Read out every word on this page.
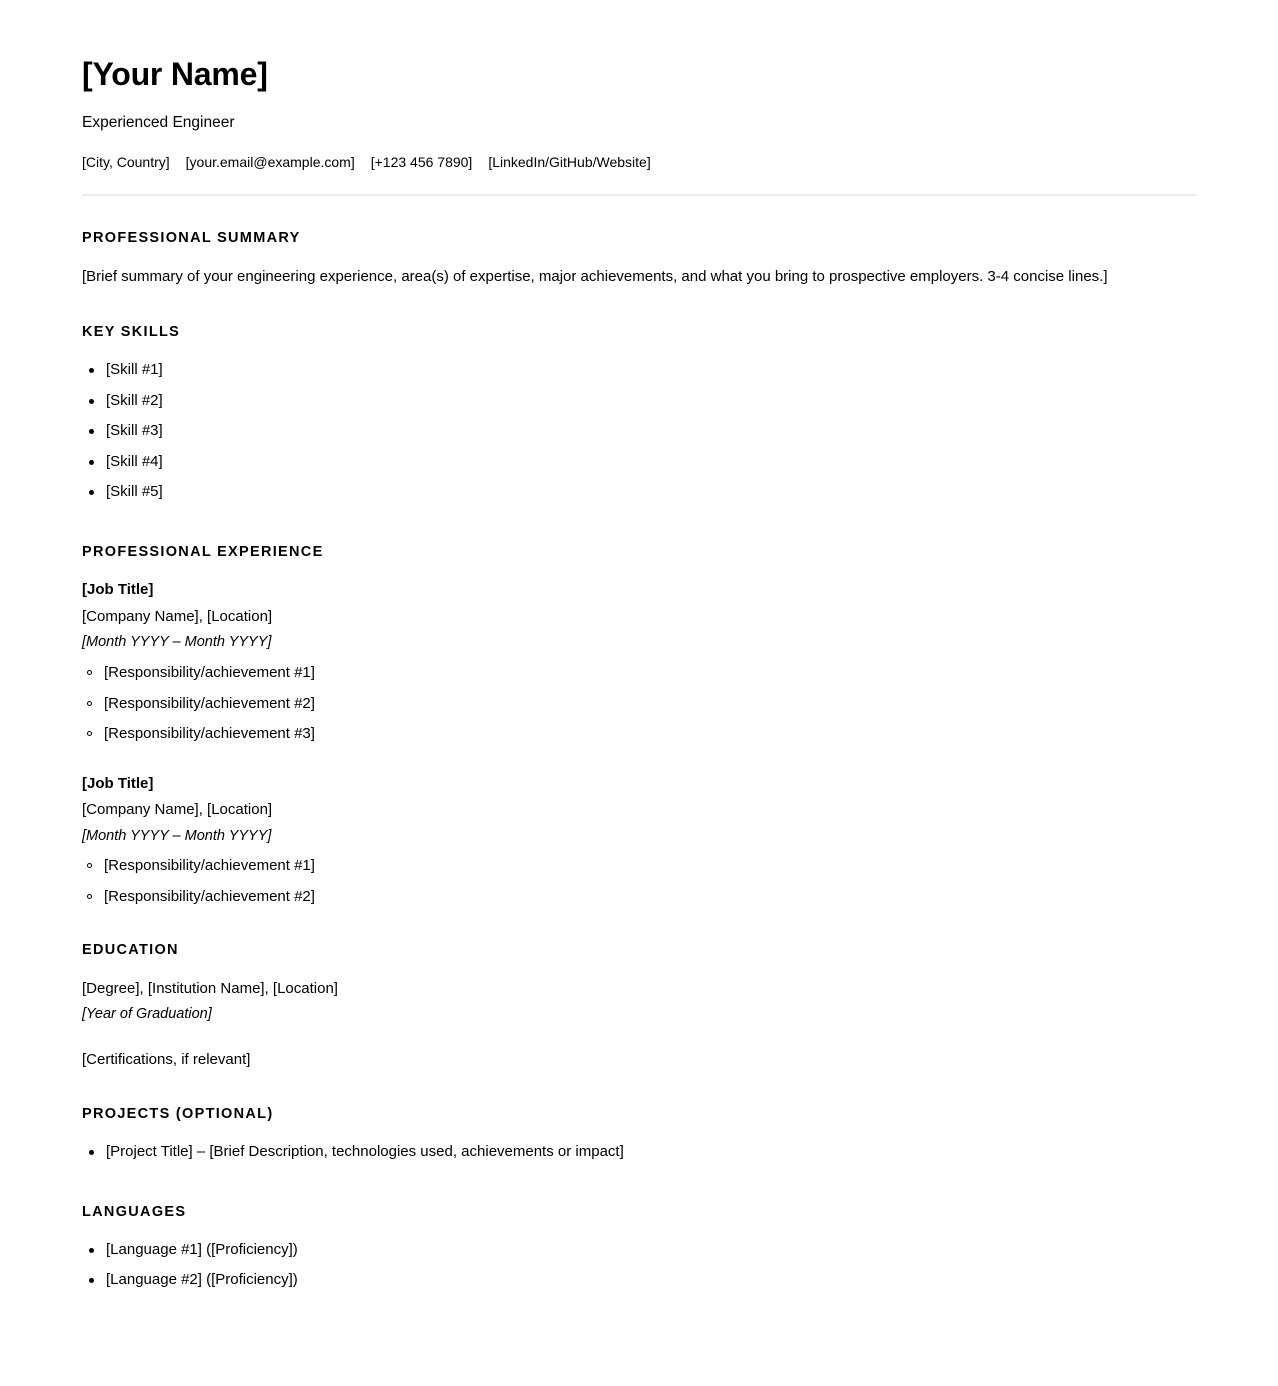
[Your Name]

Experienced Engineer

[City, Country] [your.email@example.com] [+123 456 7890] [LinkedIn/GitHub/Website]

PROFESSIONAL SUMMARY

[Brief summary of your engineering experience, area(s) of expertise, major achievements, and what you bring to prospective employers. 3-4 concise lines.]

KEY SKILLS
[Skill #1]
[Skill #2]
[Skill #3]
[Skill #4]
[Skill #5]
PROFESSIONAL EXPERIENCE

[Job Title]

[Company Name], [Location]

[Month YYYY – Month YYYY]

[Responsibility/achievement #1]
[Responsibility/achievement #2]
[Responsibility/achievement #3]

[Job Title]

[Company Name], [Location]

[Month YYYY – Month YYYY]

[Responsibility/achievement #1]
[Responsibility/achievement #2]
EDUCATION

[Degree], [Institution Name], [Location]

[Year of Graduation]

[Certifications, if relevant]

PROJECTS (OPTIONAL)
[Project Title] – [Brief Description, technologies used, achievements or impact]
LANGUAGES
[Language #1] ([Proficiency])
[Language #2] ([Proficiency])
